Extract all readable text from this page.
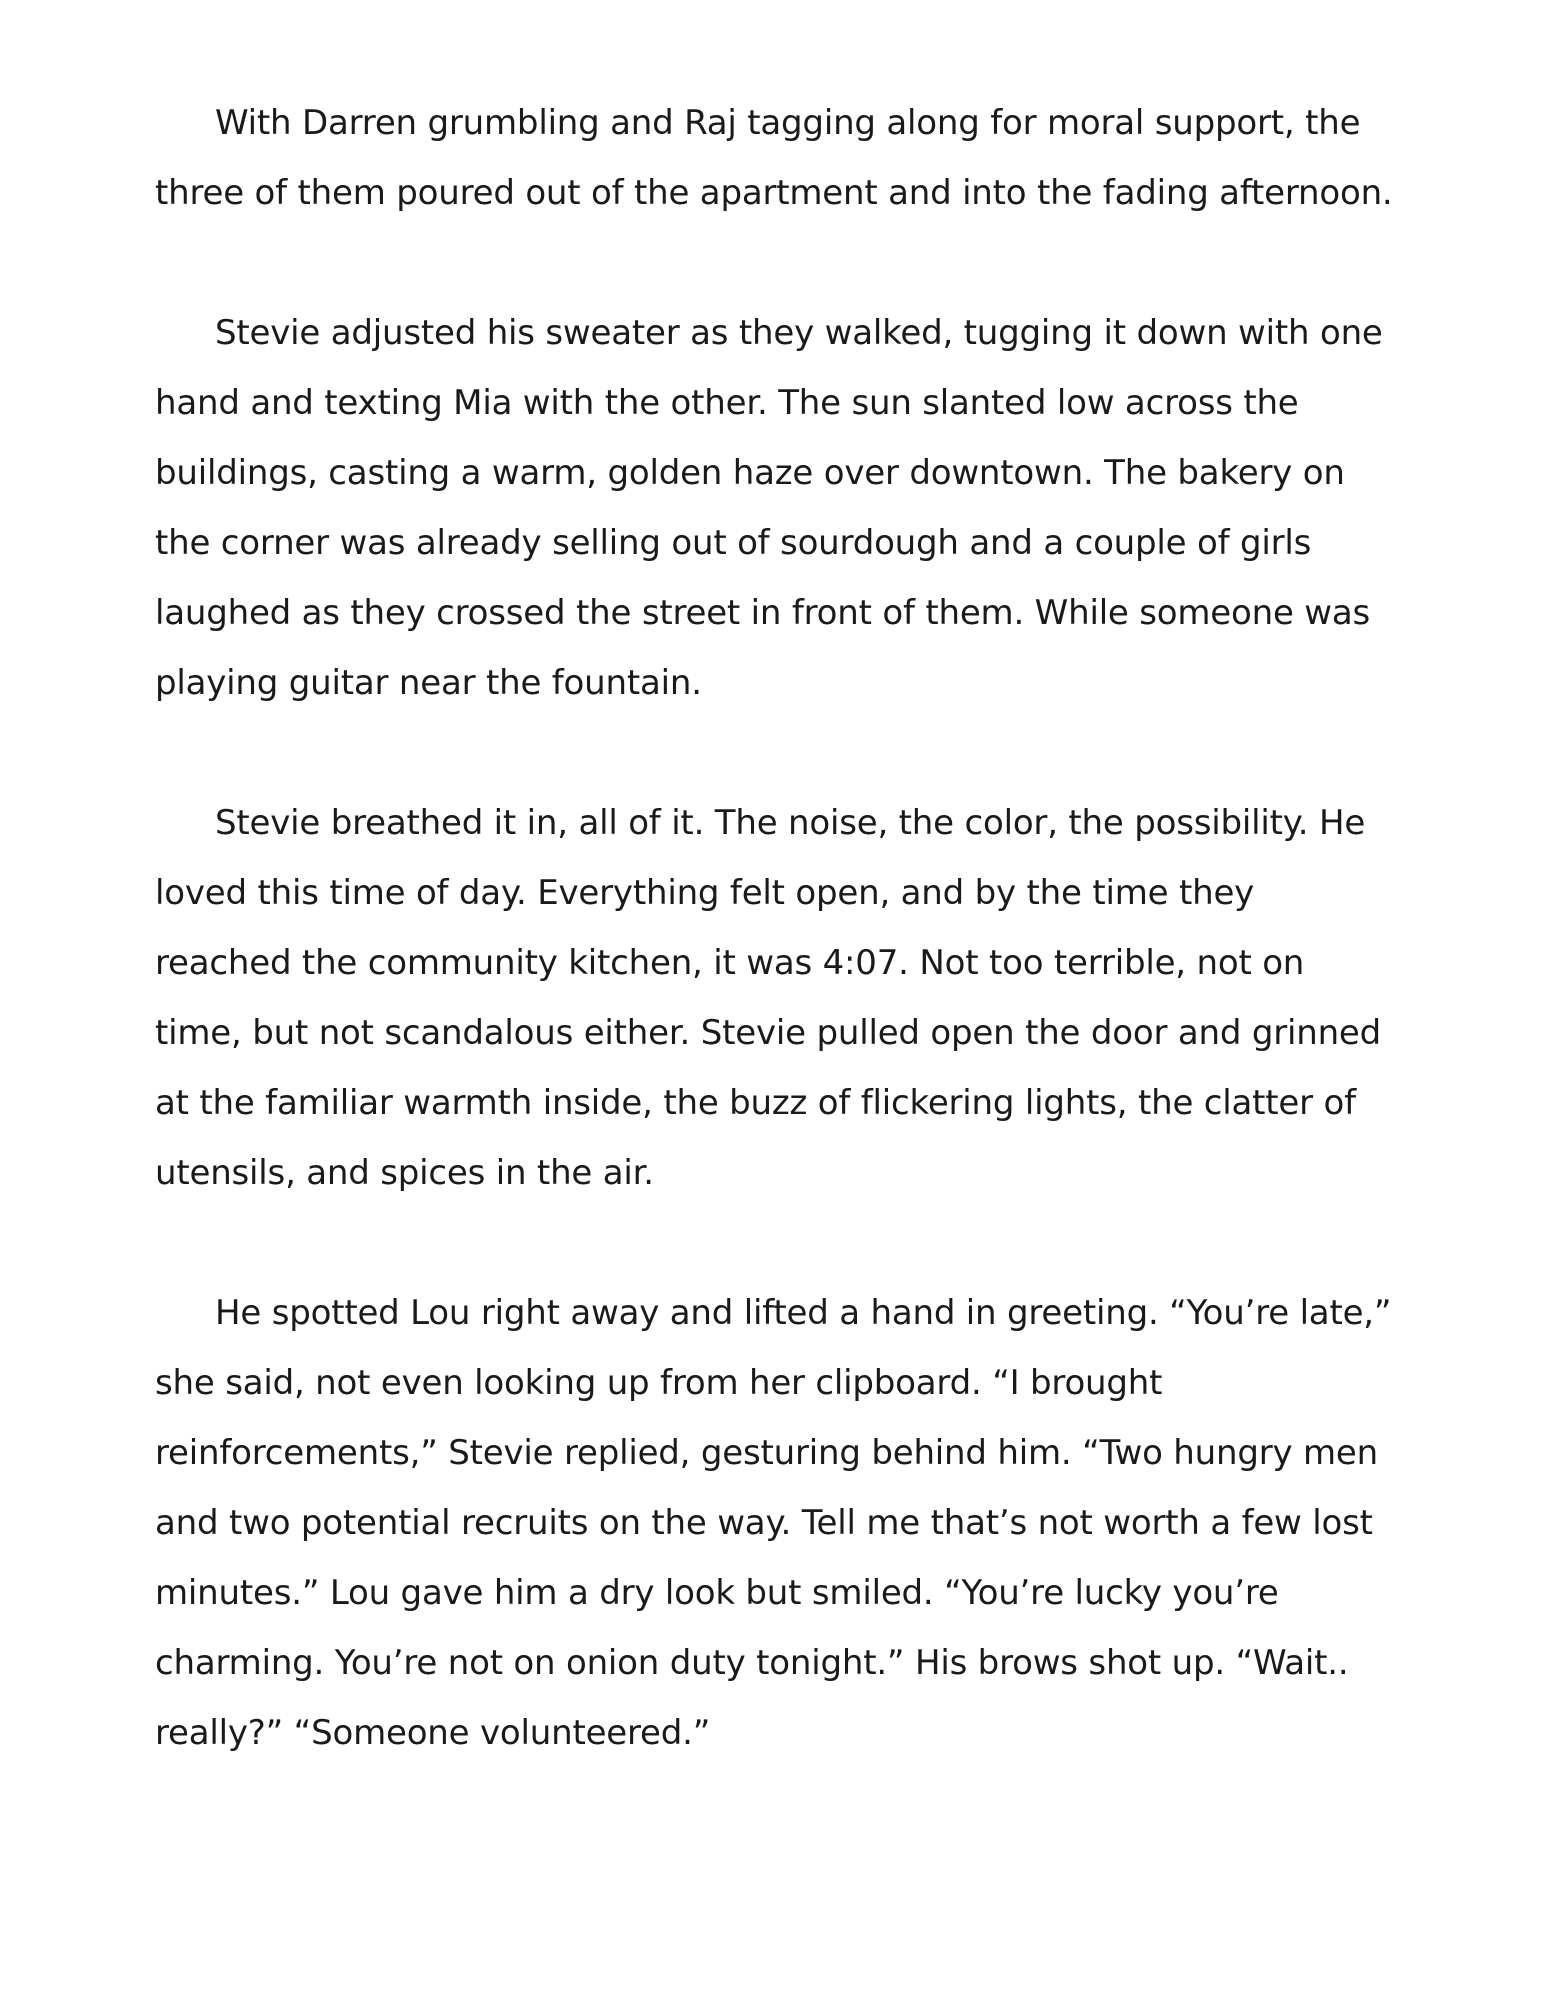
With Darren grumbling and Raj tagging along for moral support, the three of them poured out of the apartment and into the fading afternoon.

Stevie adjusted his sweater as they walked, tugging it down with one hand and texting Mia with the other. The sun slanted low across the buildings, casting a warm, golden haze over downtown. The bakery on the corner was already selling out of sourdough and a couple of girls laughed as they crossed the street in front of them. While someone was playing guitar near the fountain.

Stevie breathed it in, all of it. The noise, the color, the possibility. He loved this time of day. Everything felt open, and by the time they reached the community kitchen, it was 4:07. Not too terrible, not on time, but not scandalous either. Stevie pulled open the door and grinned at the familiar warmth inside, the buzz of flickering lights, the clatter of utensils, and spices in the air.

He spotted Lou right away and lifted a hand in greeting. “You’re late,” she said, not even looking up from her clipboard. “I brought reinforcements,” Stevie replied, gesturing behind him. “Two hungry men and two potential recruits on the way. Tell me that’s not worth a few lost minutes.” Lou gave him a dry look but smiled. “You’re lucky you’re charming. You’re not on onion duty tonight.” His brows shot up. “Wait.. really?” “Someone volunteered.”
